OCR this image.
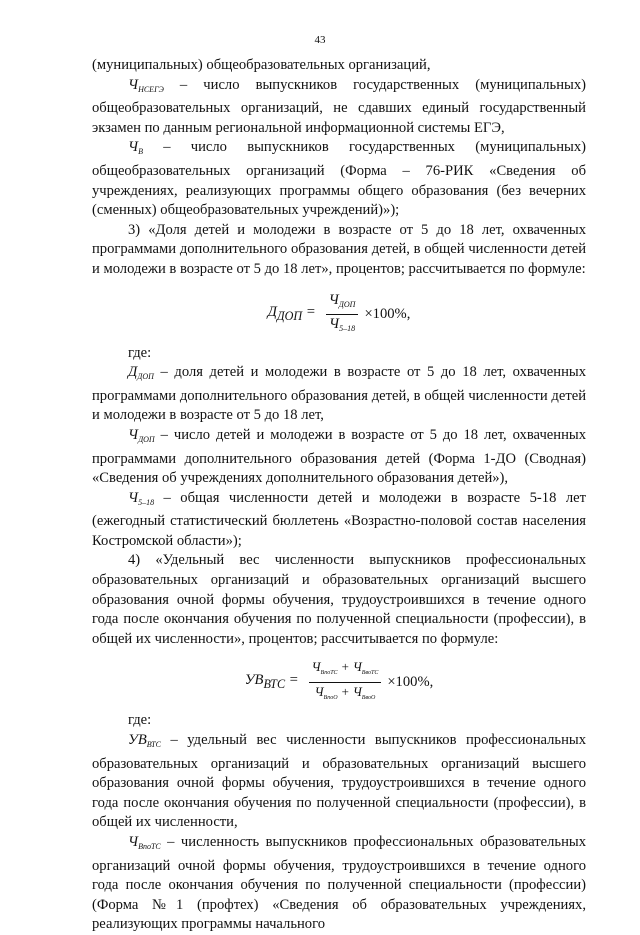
43

(муниципальных) общеобразовательных организаций,

$Ч_{НСЕГЭ}$ – число выпускников государственных (муниципальных) общеобразовательных организаций, не сдавших единый государственный экзамен по данным региональной информационной системы ЕГЭ,

$Ч_В$ – число выпускников государственных (муниципальных) общеобразовательных организаций (Форма – 76-РИК «Сведения об учреждениях, реализующих программы общего образования (без вечерних (сменных) общеобразовательных учреждений)»);

3) «Доля детей и молодежи в возрасте от 5 до 18 лет, охваченных программами дополнительного образования детей, в общей численности детей и молодежи в возрасте от 5 до 18 лет», процентов; рассчитывается по формуле:

$Д_{ДОП} = \frac{Ч_{ДОП}}{Ч_{5-18}} \times 100\%$,

где:

$Д_{ДОП}$ – доля детей и молодежи в возрасте от 5 до 18 лет, охваченных программами дополнительного образования детей, в общей численности детей и молодежи в возрасте от 5 до 18 лет,

$Ч_{ДОП}$ – число детей и молодежи в возрасте от 5 до 18 лет, охваченных программами дополнительного образования детей (Форма 1-ДО (Сводная) «Сведения об учреждениях дополнительного образования детей»),

$Ч_{5-18}$ – общая численности детей и молодежи в возрасте 5-18 лет (ежегодный статистический бюллетень «Возрастно-половой состав населения Костромской области»);

4) «Удельный вес численности выпускников профессиональных образовательных организаций и образовательных организаций высшего образования очной формы обучения, трудоустроившихся в течение одного года после окончания обучения по полученной специальности (профессии), в общей их численности», процентов; рассчитывается по формуле:

$УВ_{ВТС} = \frac{Ч_{ВпоТС} + Ч_{ВвоТС}}{Ч_{ВпоО} + Ч_{ВвоО}} \times 100\%$,

где:

$УВ_{ВТС}$ – удельный вес численности выпускников профессиональных образовательных организаций и образовательных организаций высшего образования очной формы обучения, трудоустроившихся в течение одного года после окончания обучения по полученной специальности (профессии), в общей их численности,

$Ч_{ВпоТС}$ – численность выпускников профессиональных образовательных организаций очной формы обучения, трудоустроившихся в течение одного года после окончания обучения по полученной специальности (профессии) (Форма №1 (профтех) «Сведения об образовательных учреждениях, реализующих программы начального
